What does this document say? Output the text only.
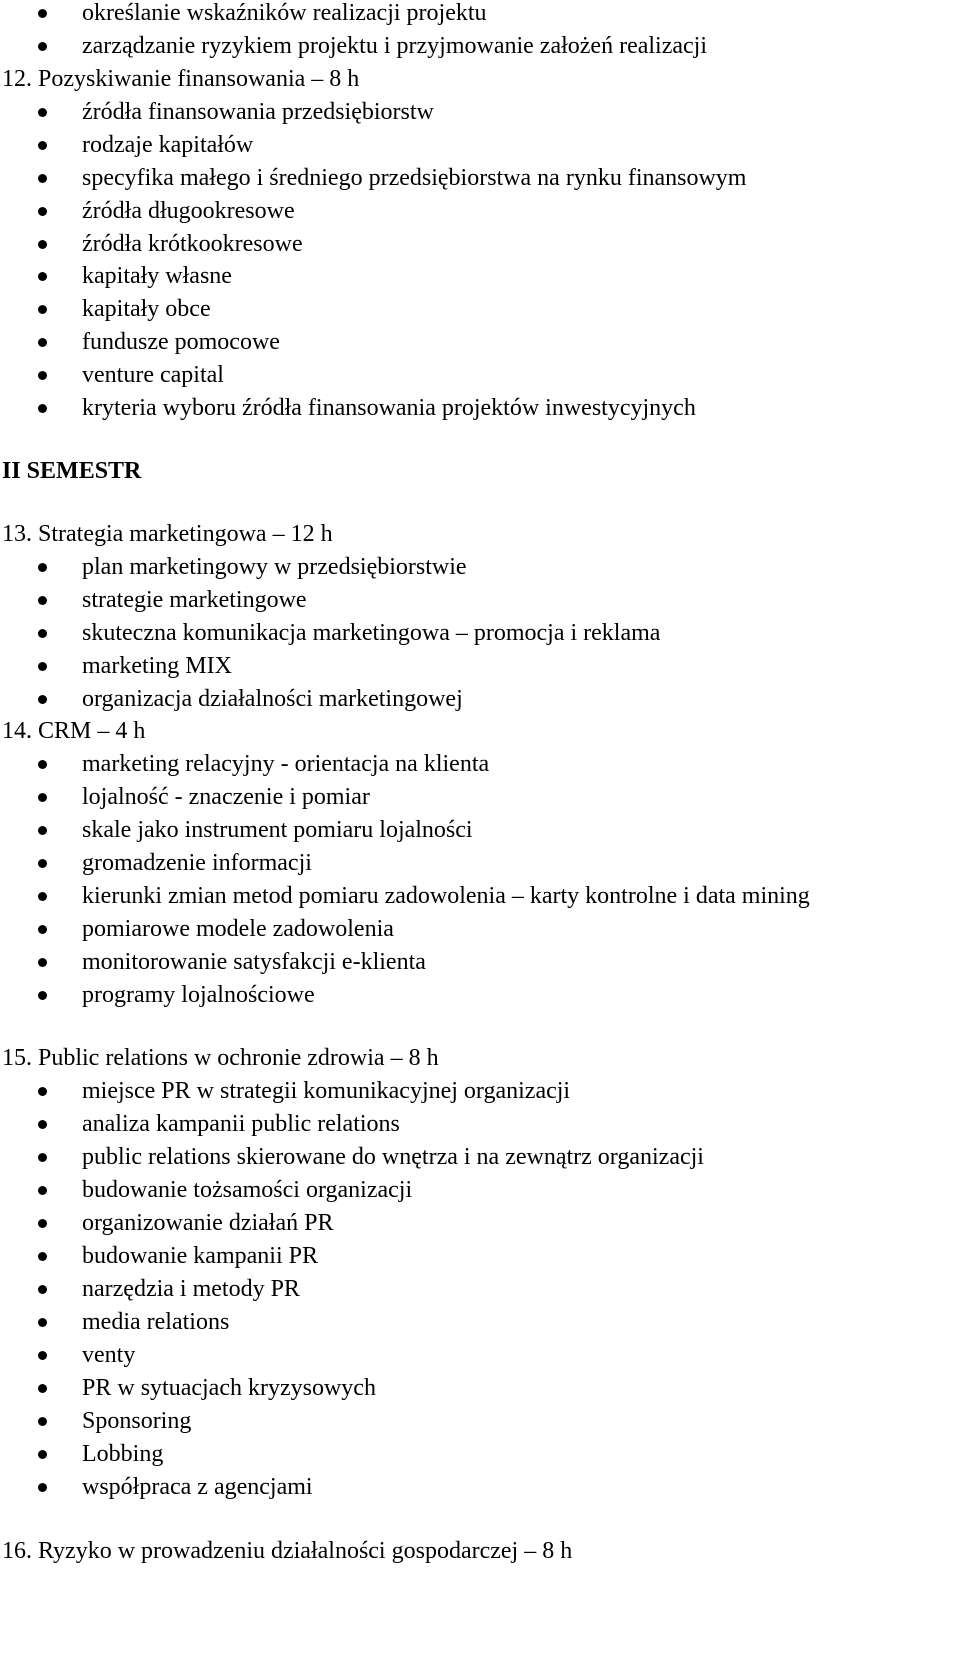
określanie wskaźników realizacji projektu
zarządzanie ryzykiem projektu i przyjmowanie założeń realizacji
12. Pozyskiwanie finansowania – 8 h
źródła finansowania przedsiębiorstw
rodzaje kapitałów
specyfika małego i średniego przedsiębiorstwa na rynku finansowym
źródła długookresowe
źródła krótkookresowe
kapitały własne
kapitały obce
fundusze pomocowe
venture capital
kryteria wyboru źródła finansowania projektów inwestycyjnych
II SEMESTR
13. Strategia marketingowa – 12 h
plan marketingowy w przedsiębiorstwie
strategie marketingowe
skuteczna komunikacja marketingowa – promocja i reklama
marketing MIX
organizacja działalności marketingowej
14. CRM – 4 h
marketing relacyjny - orientacja na klienta
lojalność - znaczenie i pomiar
skale jako instrument pomiaru lojalności
gromadzenie informacji
kierunki zmian metod pomiaru zadowolenia – karty kontrolne i data mining
pomiarowe modele zadowolenia
monitorowanie satysfakcji e-klienta
programy lojalnościowe
15. Public relations w ochronie zdrowia – 8 h
miejsce PR w strategii komunikacyjnej organizacji
analiza kampanii public relations
public relations skierowane do wnętrza i na zewnątrz organizacji
budowanie tożsamości organizacji
organizowanie działań PR
budowanie kampanii PR
narzędzia i metody PR
media relations
venty
PR w sytuacjach kryzysowych
Sponsoring
Lobbing
współpraca z agencjami
16. Ryzyko w prowadzeniu działalności gospodarczej – 8 h
